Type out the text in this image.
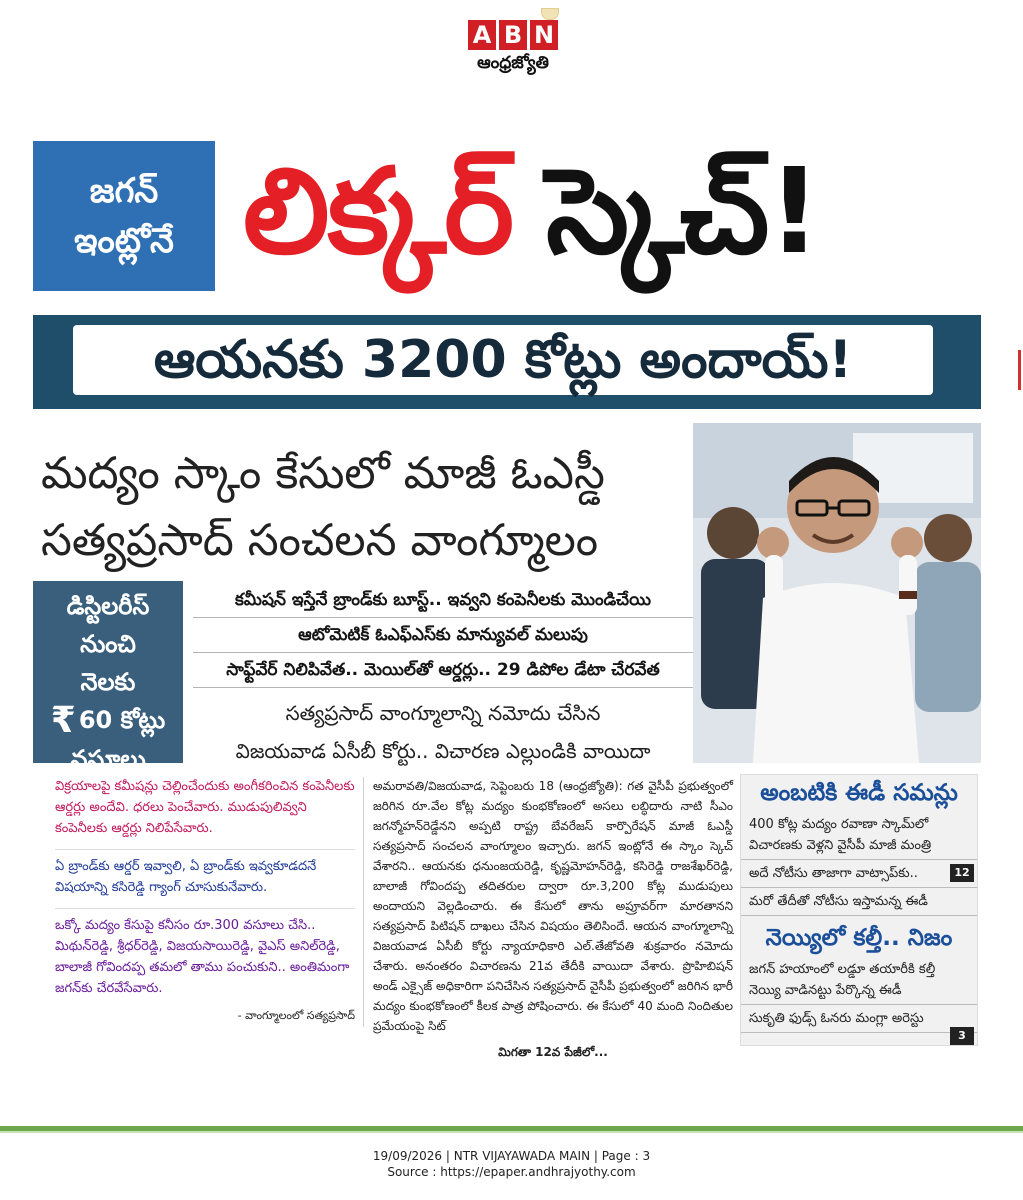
A B N
ఆంధ్రజ్యోతి
జగన్
ఇంట్లోనే లిక్కర్ స్కెచ్!
ఆయనకు 3200 కోట్లు అందాయ్!
మద్యం స్కాం కేసులో మాజీ ఓఎస్డీ
సత్యప్రసాద్ సంచలన వాంగ్మూలం
డిస్టిలరీస్
నుంచి
నెలకు
₹ 60 కోట్లు
వసూలు
కమీషన్ ఇస్తేనే బ్రాండ్‌కు బూస్ట్.. ఇవ్వని కంపెనీలకు మొండిచేయి
ఆటోమెటిక్ ఓఎఫ్ఎస్‌కు మాన్యువల్ మలుపు
సాఫ్ట్‌వేర్ నిలిపివేత.. మెయిల్‌తో ఆర్డర్లు.. 29 డిపోల డేటా చేరవేత
సత్యప్రసాద్ వాంగ్మూలాన్ని నమోదు చేసిన
విజయవాడ ఏసీబీ కోర్టు.. విచారణ ఎల్లుండికి వాయిదా
విక్రయాలపై కమీషన్లు చెల్లించేందుకు అంగీకరించిన కంపెనీలకు ఆర్డర్లు అందేవి. ధరలు పెంచేవారు. ముడుపులివ్వని కంపెనీలకు ఆర్డర్లు నిలిపేసేవారు.
ఏ బ్రాండ్‌కు ఆర్డర్ ఇవ్వాలి, ఏ బ్రాండ్‌కు ఇవ్వకూడదనే విషయాన్ని కసిరెడ్డి గ్యాంగ్ చూసుకునేవారు.
ఒక్కో మద్యం కేసుపై కనీసం రూ.300 వసూలు చేసి.. మిథున్‌రెడ్డి, శ్రీధర్‌రెడ్డి, విజయసాయిరెడ్డి, వైఎస్ అనిల్‌రెడ్డి, బాలాజీ గోవిందప్ప తమలో తాము పంచుకుని.. అంతిమంగా జగన్‌కు చేరవేసేవారు.
- వాంగ్మూలంలో సత్యప్రసాద్
అమరావతి/విజయవాడ, సెప్టెంబరు 18 (ఆంధ్రజ్యోతి): గత వైసీపీ ప్రభుత్వంలో జరిగిన రూ.వేల కోట్ల మద్యం కుంభకోణంలో అసలు లబ్ధిదారు నాటి సీఎం జగన్మోహన్‌రెడ్డేనని అప్పటి రాష్ట్ర బేవరేజస్ కార్పొరేషన్ మాజీ ఓఎస్డీ సత్యప్రసాద్ సంచలన వాంగ్మూలం ఇచ్చారు. జగన్ ఇంట్లోనే ఈ స్కాం స్కెచ్ వేశారని.. ఆయనకు ధనుంజయరెడ్డి, కృష్ణమోహన్‌రెడ్డి, కసిరెడ్డి రాజశేఖర్‌రెడ్డి, బాలాజీ గోవిందప్ప తదితరుల ద్వారా రూ.3,200 కోట్ల ముడుపులు అందాయని వెల్లడించారు. ఈ కేసులో తాను అప్రూవర్‌గా మారతానని సత్యప్రసాద్ పిటిషన్ దాఖలు చేసిన విషయం తెలిసిందే. ఆయన వాంగ్మూలాన్ని విజయవాడ ఏసీబీ కోర్టు న్యాయాధికారి ఎల్.తేజోవతి శుక్రవారం నమోదు చేశారు. అనంతరం విచారణను 21వ తేదీకి వాయిదా వేశారు. ప్రొహిబిషన్ అండ్ ఎక్సైజ్ అధికారిగా పనిచేసిన సత్యప్రసాద్ వైసీపీ ప్రభుత్వంలో జరిగిన భారీ మద్యం కుంభకోణంలో కీలక పాత్ర పోషించారు. ఈ కేసులో 40 మంది నిందితుల ప్రమేయంపై సిట్
మిగతా 12వ పేజీలో...
అంబటికి ఈడీ సమన్లు
400 కోట్ల మద్యం రవాణా స్కామ్‌లో విచారణకు వెళ్లని వైసీపీ మాజీ మంత్రి
అదే నోటీసు తాజాగా వాట్సాప్‌కు..	12
మరో తేదీతో నోటీసు ఇస్తామన్న ఈడీ
నెయ్యిలో కల్తీ.. నిజం
జగన్ హయాంలో లడ్డూ తయారీకి కల్తీ నెయ్యి వాడినట్టు పేర్కొన్న ఈడీ
సుకృతి ఫుడ్స్ ఓనరు మంగ్లా అరెస్టు
3
19/09/2026 | NTR VIJAYAWADA MAIN | Page : 3
Source : https://epaper.andhrajyothy.com
